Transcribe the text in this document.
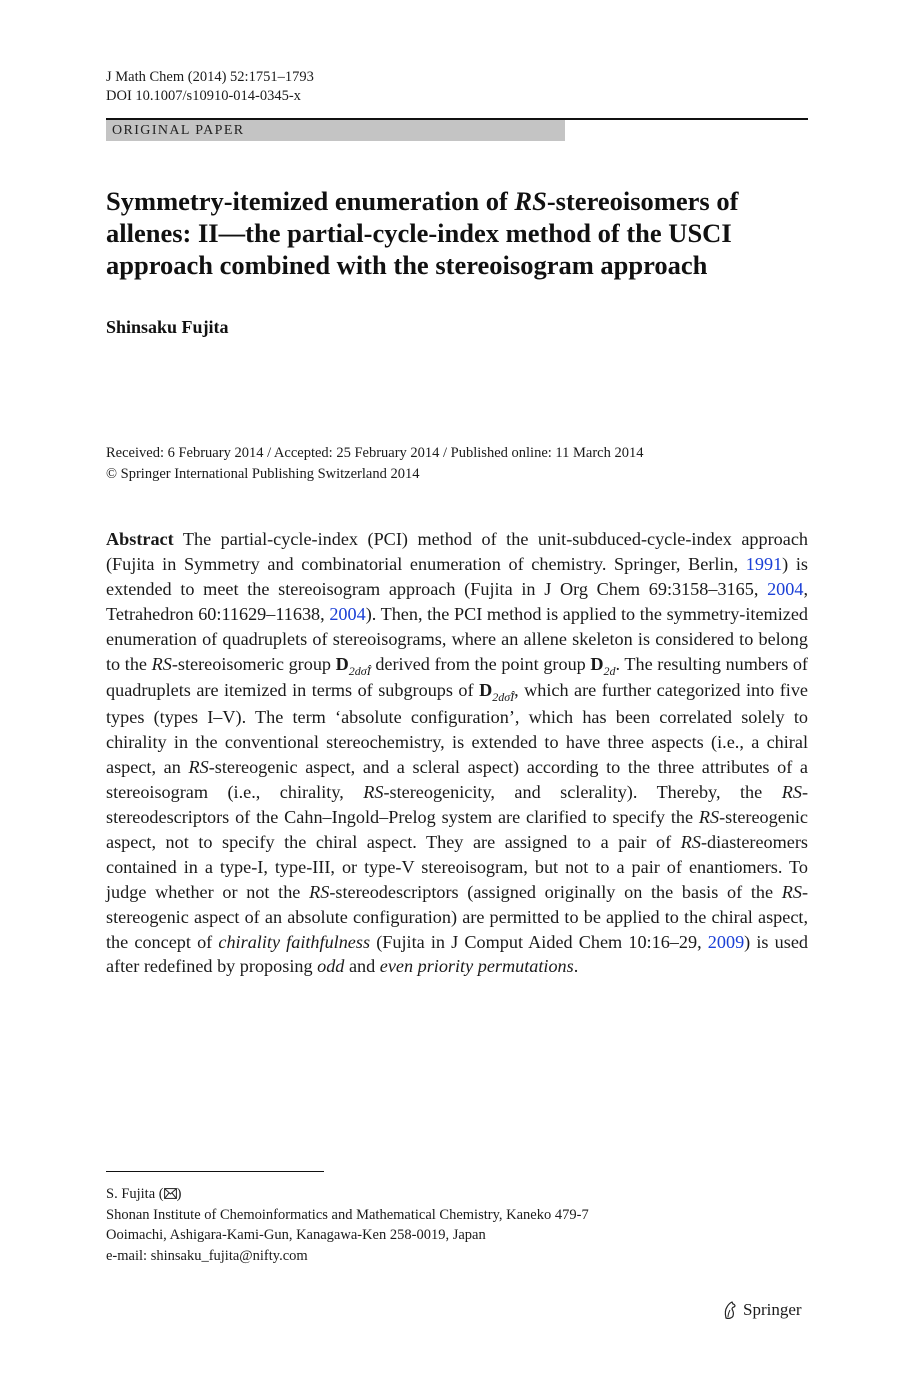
J Math Chem (2014) 52:1751–1793
DOI 10.1007/s10910-014-0345-x
ORIGINAL PAPER
Symmetry-itemized enumeration of RS-stereoisomers of allenes: II—the partial-cycle-index method of the USCI approach combined with the stereoisogram approach
Shinsaku Fujita
Received: 6 February 2014 / Accepted: 25 February 2014 / Published online: 11 March 2014
© Springer International Publishing Switzerland 2014
Abstract The partial-cycle-index (PCI) method of the unit-subduced-cycle-index approach (Fujita in Symmetry and combinatorial enumeration of chemistry. Springer, Berlin, 1991) is extended to meet the stereoisogram approach (Fujita in J Org Chem 69:3158–3165, 2004, Tetrahedron 60:11629–11638, 2004). Then, the PCI method is applied to the symmetry-itemized enumeration of quadruplets of stereoisograms, where an allene skeleton is considered to belong to the RS-stereoisomeric group $D_{2d\sigmãÎ}$ derived from the point group $D_{2d}$. The resulting numbers of quadruplets are itemized in terms of subgroups of $D_{2d\sigmãÎ}$, which are further categorized into five types (types I–V). The term ‘absolute configuration’, which has been correlated solely to chirality in the conventional stereochemistry, is extended to have three aspects (i.e., a chiral aspect, an RS-stereogenic aspect, and a scleral aspect) according to the three attributes of a stereoisogram (i.e., chirality, RS-stereogenicity, and sclerality). Thereby, the RS-stereodescriptors of the Cahn–Ingold–Prelog system are clarified to specify the RS-stereogenic aspect, not to specify the chiral aspect. They are assigned to a pair of RS-diastereomers contained in a type-I, type-III, or type-V stereoisogram, but not to a pair of enantiomers. To judge whether or not the RS-stereodescriptors (assigned originally on the basis of the RS-stereogenic aspect of an absolute configuration) are permitted to be applied to the chiral aspect, the concept of chirality faithfulness (Fujita in J Comput Aided Chem 10:16–29, 2009) is used after redefined by proposing odd and even priority permutations.
S. Fujita ( )
Shonan Institute of Chemoinformatics and Mathematical Chemistry, Kaneko 479-7
Ooimachi, Ashigara-Kami-Gun, Kanagawa-Ken 258-0019, Japan
e-mail: shinsaku_fujita@nifty.com
Springer
